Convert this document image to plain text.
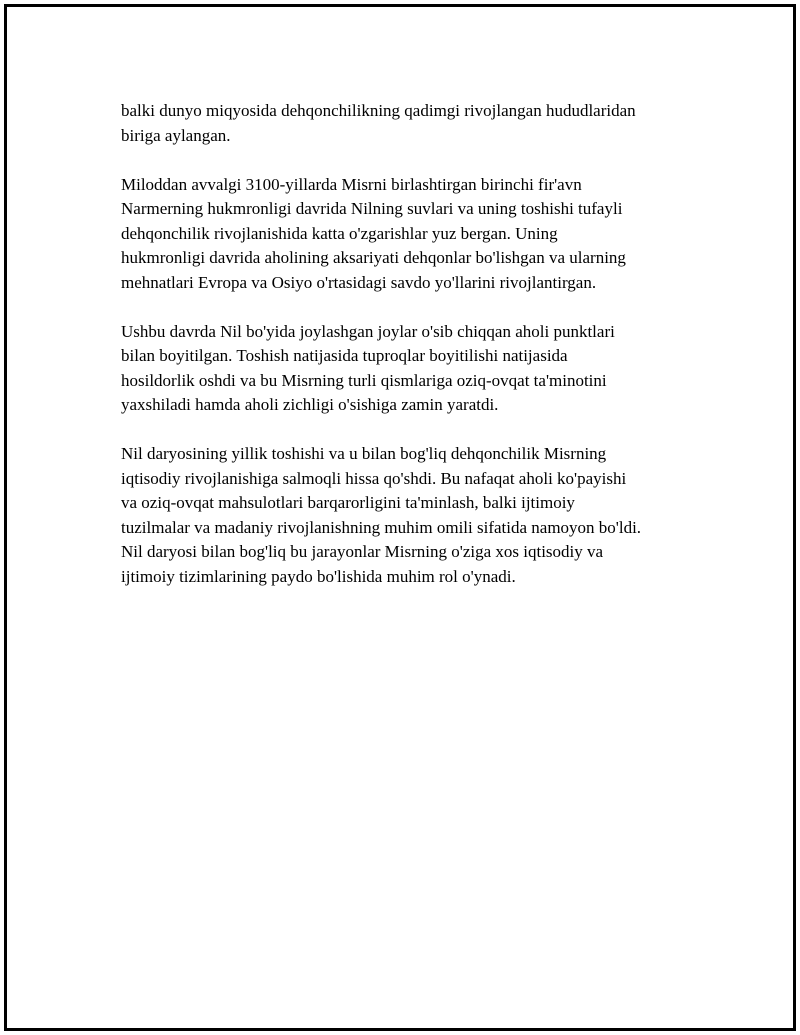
balki dunyo miqyosida dehqonchilikning qadimgi rivojlangan hududlaridan
biriga aylangan.

Miloddan avvalgi 3100-yillarda Misrni birlashtirgan birinchi fir'avn
Narmerning hukmronligi davrida Nilning suvlari va uning toshishi tufayli
dehqonchilik rivojlanishida katta o'zgarishlar yuz bergan. Uning
hukmronligi davrida aholining aksariyati dehqonlar bo'lishgan va ularning
mehnatlari Evropa va Osiyo o'rtasidagi savdo yo'llarini rivojlantirgan.

Ushbu davrda Nil bo'yida joylashgan joylar o'sib chiqqan aholi punktlari
bilan boyitilgan. Toshish natijasida tuproqlar boyitilishi natijasida
hosildorlik oshdi va bu Misrning turli qismlariga oziq-ovqat ta'minotini
yaxshiladi hamda aholi zichligi o'sishiga zamin yaratdi.

Nil daryosining yillik toshishi va u bilan bog'liq dehqonchilik Misrning
iqtisodiy rivojlanishiga salmoqli hissa qo'shdi. Bu nafaqat aholi ko'payishi
va oziq-ovqat mahsulotlari barqarorligini ta'minlash, balki ijtimoiy
tuzilmalar va madaniy rivojlanishning muhim omili sifatida namoyon bo'ldi.
Nil daryosi bilan bog'liq bu jarayonlar Misrning o'ziga xos iqtisodiy va
ijtimoiy tizimlarining paydo bo'lishida muhim rol o'ynadi.
